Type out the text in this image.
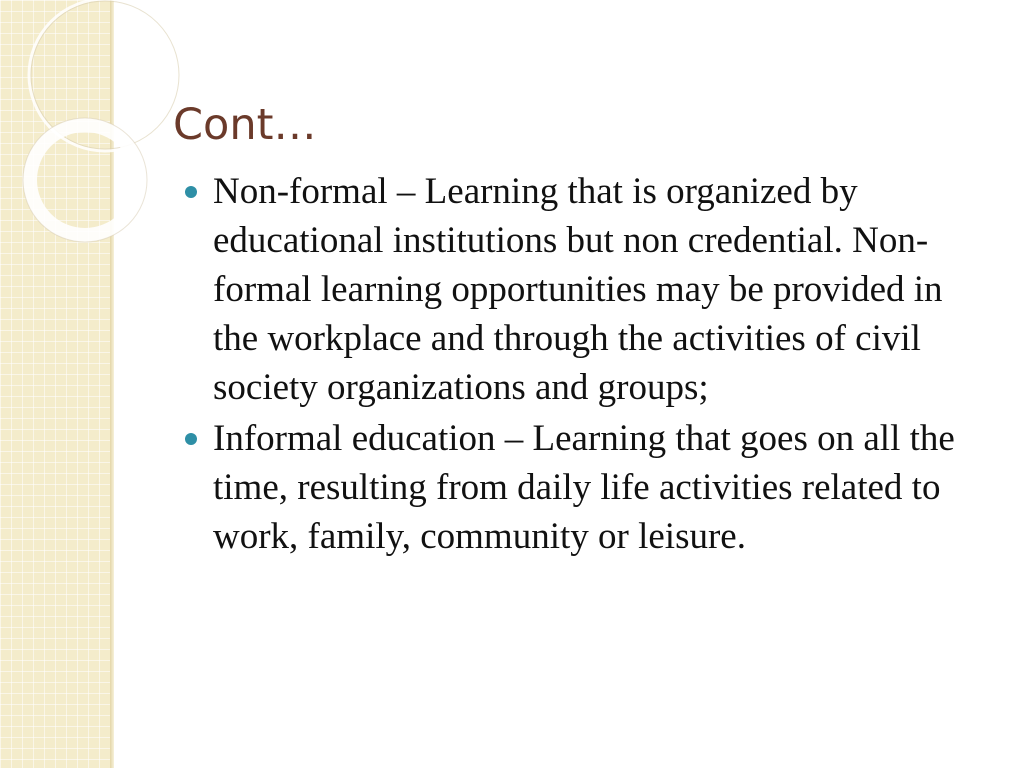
Cont…
Non-formal – Learning that is organized by educational institutions but non credential. Non-formal learning opportunities may be provided in the workplace and through the activities of civil society organizations and groups;
Informal education – Learning that goes on all the time, resulting from daily life activities related to work, family, community or leisure.
